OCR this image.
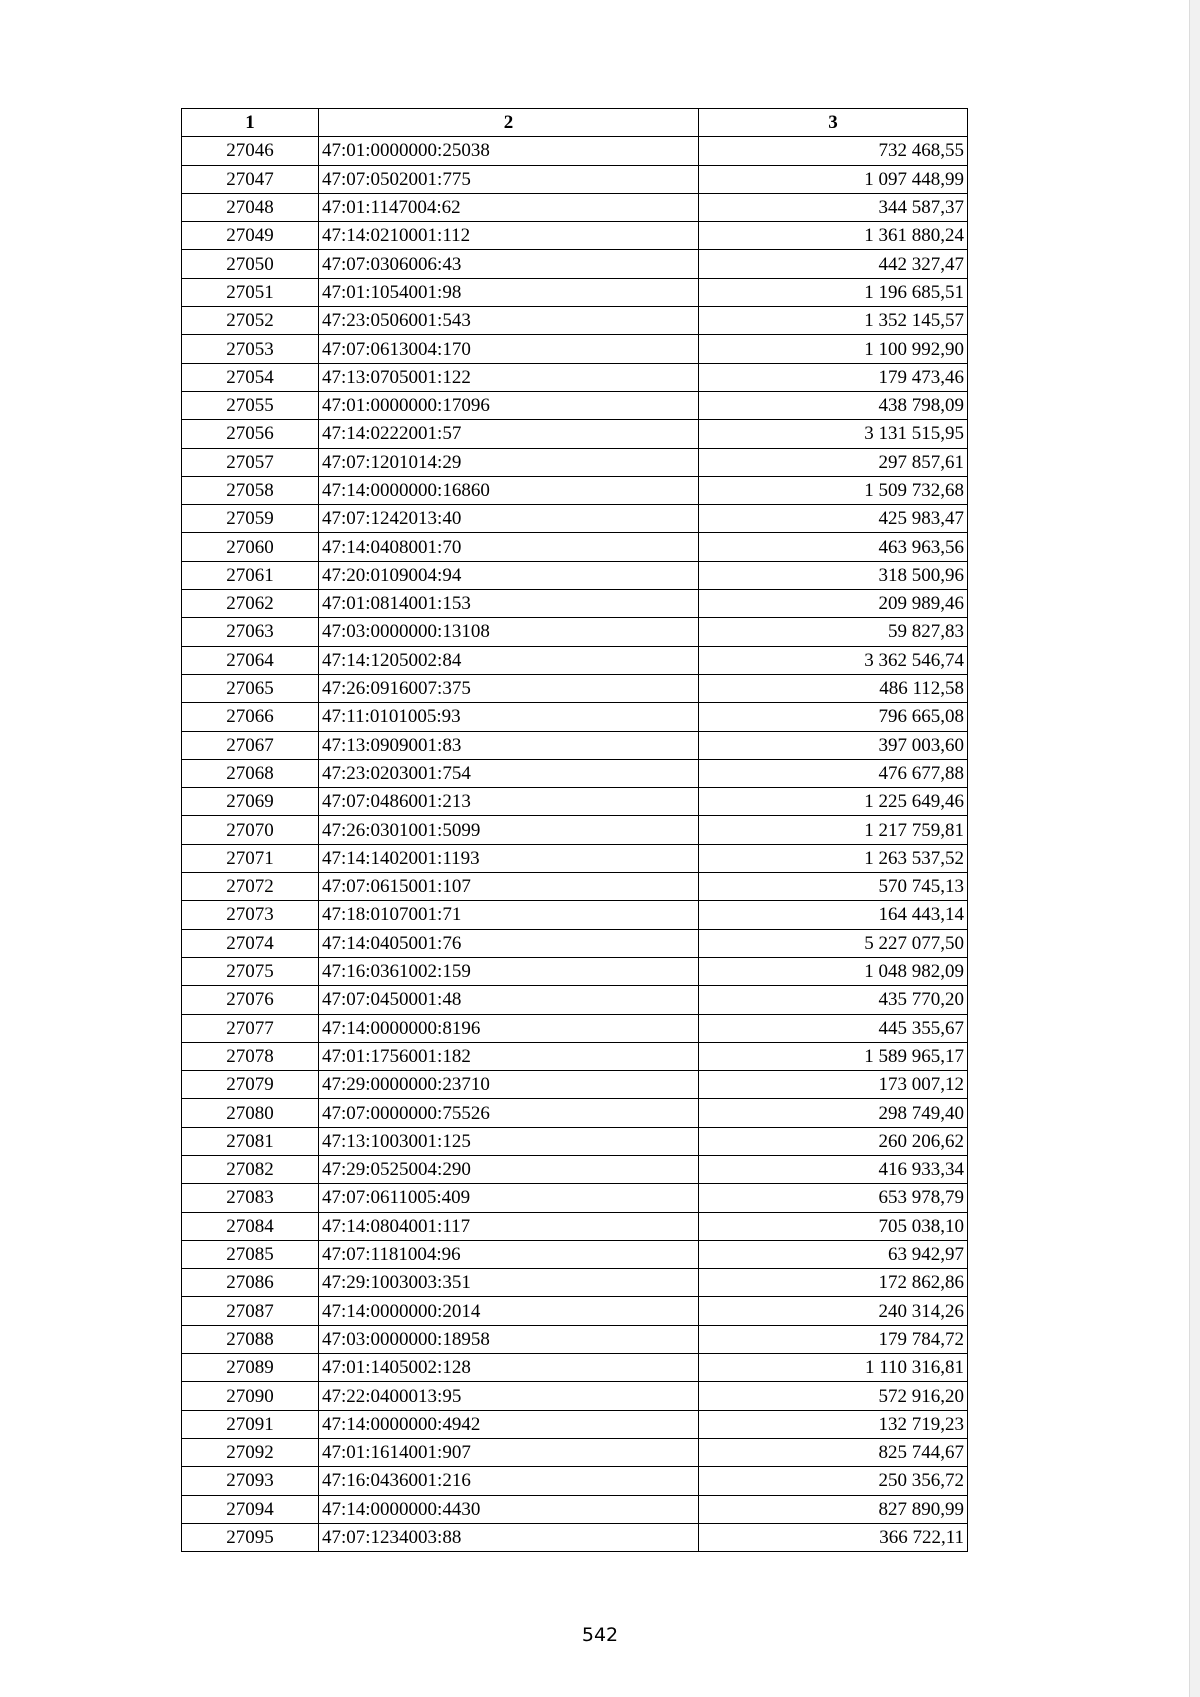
1	2	3
27046	47:01:0000000:25038	732 468,55
27047	47:07:0502001:775	1 097 448,99
27048	47:01:1147004:62	344 587,37
27049	47:14:0210001:112	1 361 880,24
27050	47:07:0306006:43	442 327,47
27051	47:01:1054001:98	1 196 685,51
27052	47:23:0506001:543	1 352 145,57
27053	47:07:0613004:170	1 100 992,90
27054	47:13:0705001:122	179 473,46
27055	47:01:0000000:17096	438 798,09
27056	47:14:0222001:57	3 131 515,95
27057	47:07:1201014:29	297 857,61
27058	47:14:0000000:16860	1 509 732,68
27059	47:07:1242013:40	425 983,47
27060	47:14:0408001:70	463 963,56
27061	47:20:0109004:94	318 500,96
27062	47:01:0814001:153	209 989,46
27063	47:03:0000000:13108	59 827,83
27064	47:14:1205002:84	3 362 546,74
27065	47:26:0916007:375	486 112,58
27066	47:11:0101005:93	796 665,08
27067	47:13:0909001:83	397 003,60
27068	47:23:0203001:754	476 677,88
27069	47:07:0486001:213	1 225 649,46
27070	47:26:0301001:5099	1 217 759,81
27071	47:14:1402001:1193	1 263 537,52
27072	47:07:0615001:107	570 745,13
27073	47:18:0107001:71	164 443,14
27074	47:14:0405001:76	5 227 077,50
27075	47:16:0361002:159	1 048 982,09
27076	47:07:0450001:48	435 770,20
27077	47:14:0000000:8196	445 355,67
27078	47:01:1756001:182	1 589 965,17
27079	47:29:0000000:23710	173 007,12
27080	47:07:0000000:75526	298 749,40
27081	47:13:1003001:125	260 206,62
27082	47:29:0525004:290	416 933,34
27083	47:07:0611005:409	653 978,79
27084	47:14:0804001:117	705 038,10
27085	47:07:1181004:96	63 942,97
27086	47:29:1003003:351	172 862,86
27087	47:14:0000000:2014	240 314,26
27088	47:03:0000000:18958	179 784,72
27089	47:01:1405002:128	1 110 316,81
27090	47:22:0400013:95	572 916,20
27091	47:14:0000000:4942	132 719,23
27092	47:01:1614001:907	825 744,67
27093	47:16:0436001:216	250 356,72
27094	47:14:0000000:4430	827 890,99
27095	47:07:1234003:88	366 722,11
542
